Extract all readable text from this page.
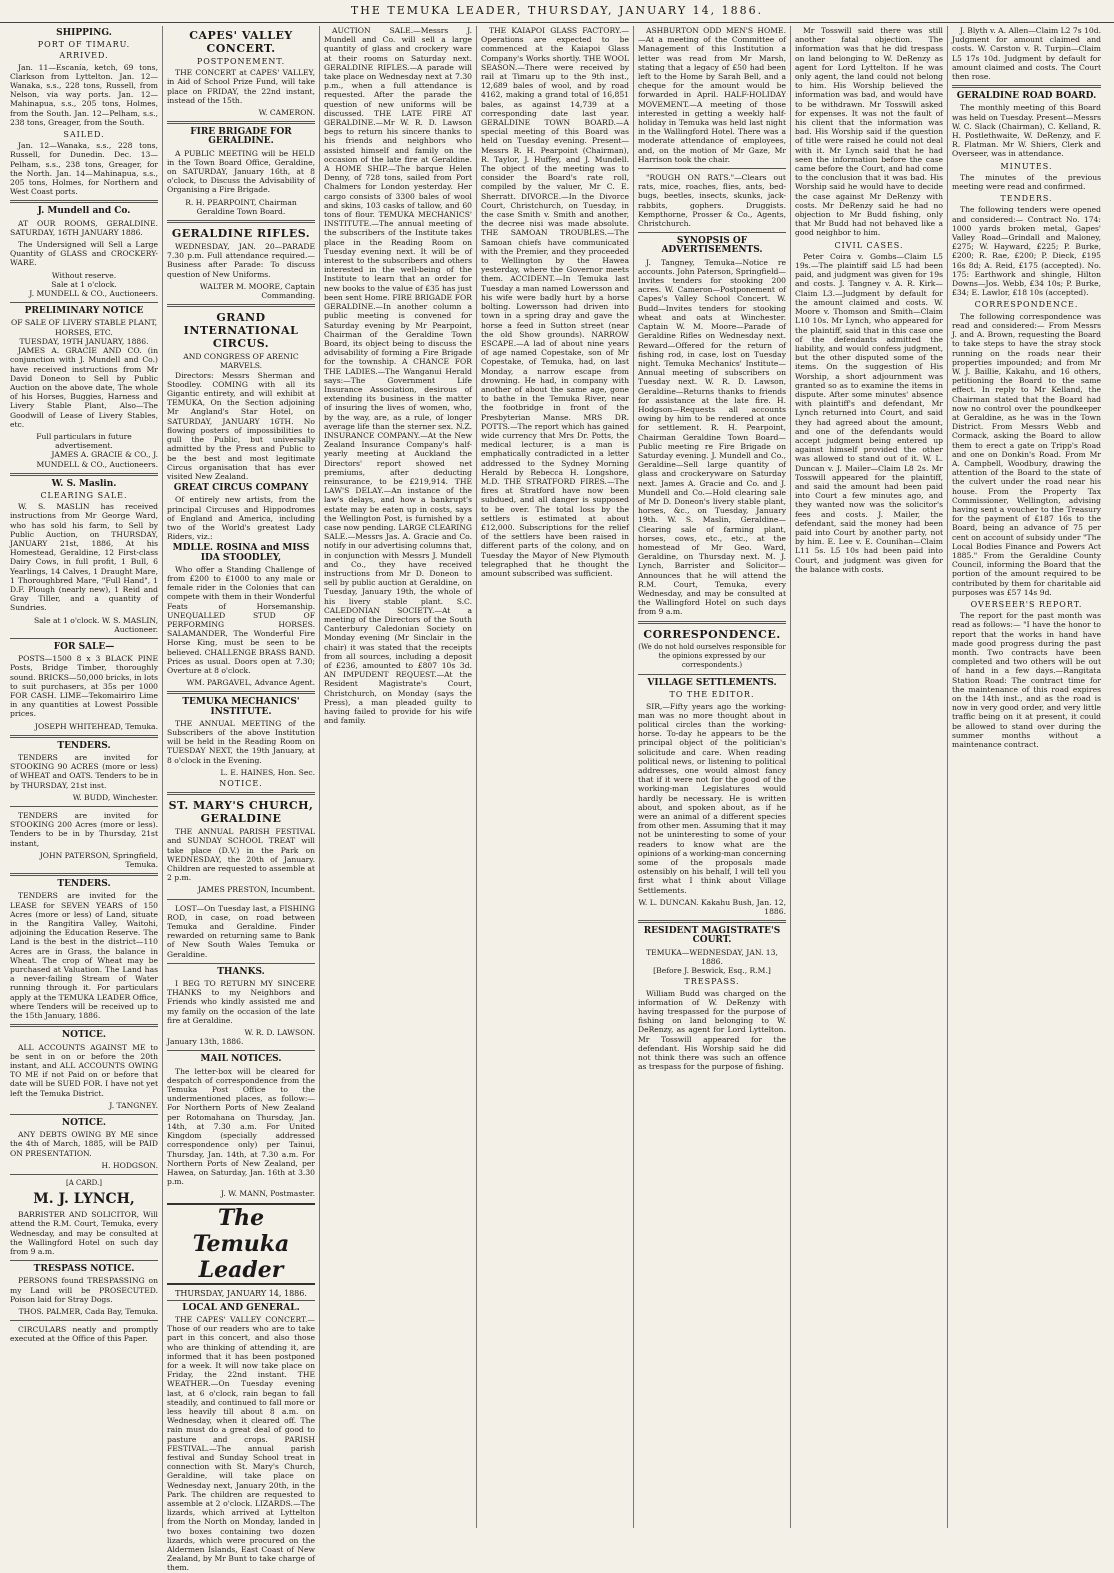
THE TEMUKA LEADER, THURSDAY, JANUARY 14, 1886.
SHIPPING.
PORT OF TIMARU.
ARRIVED.

Jan. 11—Escanía, ketch, 69 tons, Clarkson from Lyttelton. Jan. 12—Wanaka, s.s., 228 tons, Russell, from Nelson, via way ports. Jan. 12—Mahinapua, s.s., 205 tons, Holmes, from the South. Jan. 12—Pelham, s.s., 238 tons, Greager, from the South.

SAILED.

Jan. 12—Wanaka, s.s., 228 tons, Russell, for Dunedin. Dec. 13—Pelham, s.s., 238 tons, Greager, for the North. Jan. 14—Mahinapua, s.s., 205 tons, Holmes, for Northern and West Coast ports.

J. Mundell and Co.

AT OUR ROOMS, GERALDINE. SATURDAY, 16TH JANUARY 1886.

The Undersigned will Sell a Large Quantity of GLASS and CROCKERY-WARE.

Without reserve.
Sale at 1 o'clock.
J. MUNDELL & CO., Auctioneers.
PRELIMINARY NOTICE
OF SALE OF LIVERY STABLE PLANT, HORSES, ETC.
TUESDAY, 19TH JANUARY, 1886.

JAMES A. GRACIE AND CO. (in conjunction with J. Mundell and Co.) have received instructions from Mr David Doneon to Sell by Public Auction on the above date, The whole of his Horses, Buggies, Harness and Livery Stable Plant, Also—The Goodwill of Lease of Livery Stables, etc.

Full particulars in future advertisement.
JAMES A. GRACIE & CO., J. MUNDELL & CO., Auctioneers.
W. S. Maslin.
CLEARING SALE.

W. S. MASLIN has received instructions from Mr George Ward, who has sold his farm, to Sell by Public Auction, on THURSDAY, JANUARY 21st, 1886, At his Homestead, Geraldine, 12 First-class Dairy Cows, in full profit, 1 Bull, 6 Yearlings, 14 Calves, 1 Draught Mare, 1 Thoroughbred Mare, "Full Hand", 1 D.F. Plough (nearly new), 1 Reid and Gray Tiller, and a quantity of Sundries.

Sale at 1 o'clock. W. S. MASLIN, Auctioneer.
FOR SALE—

POSTS—1500 8 x 3 BLACK PINE Posts, Bridge Timber, thoroughly sound. BRICKS—50,000 bricks, in lots to suit purchasers, at 35s per 1000 FOR CASH. LIME—Tekomairiro Lime in any quantities at Lowest Possible prices.

JOSEPH WHITEHEAD, Temuka.
TENDERS.

TENDERS are invited for STOOKING 90 ACRES (more or less) of WHEAT and OATS. Tenders to be in by THURSDAY, 21st inst.

W. BUDD, Winchester.

TENDERS are invited for STOOKING 200 Acres (more or less). Tenders to be in by Thursday, 21st instant,

JOHN PATERSON, Springfield, Temuka.
TENDERS.

TENDERS are invited for the LEASE for SEVEN YEARS of 150 Acres (more or less) of Land, situate in the Rangitira Valley, Waitohi, adjoining the Education Reserve. The Land is the best in the district—110 Acres are in Grass, the balance in Wheat. The crop of Wheat may be purchased at Valuation. The Land has a never-failing Stream of Water running through it. For particulars apply at the TEMUKA LEADER Office, where Tenders will be received up to the 15th January, 1886.

NOTICE.

ALL ACCOUNTS AGAINST ME to be sent in on or before the 20th instant, and ALL ACCOUNTS OWING TO ME if not Paid on or before that date will be SUED FOR. I have not yet left the Temuka District.

J. TANGNEY.
NOTICE.

ANY DEBTS OWING BY ME since the 4th of March, 1885, will be PAID ON PRESENTATION.

H. HODGSON.
[A CARD.]
M. J. LYNCH,

BARRISTER AND SOLICITOR, Will attend the R.M. Court, Temuka, every Wednesday, and may be consulted at the Wallingford Hotel on such day from 9 a.m.

TRESPASS NOTICE.

PERSONS found TRESPASSING on my Land will be PROSECUTED. Poison laid for Stray Dogs.

THOS. PALMER, Cada Bay, Temuka.

CIRCULARS neatly and promptly executed at the Office of this Paper.

CAPES' VALLEY CONCERT.
POSTPONEMENT.

THE CONCERT at CAPES' VALLEY, in Aid of School Prize Fund, will take place on FRIDAY, the 22nd instant, instead of the 15th.

W. CAMERON.
FIRE BRIGADE FOR GERALDINE.

A PUBLIC MEETING will be HELD in the Town Board Office, Geraldine, on SATURDAY, January 16th, at 8 o'clock, to Discuss the Advisability of Organising a Fire Brigade.

R. H. PEARPOINT, Chairman Geraldine Town Board.
GERALDINE RIFLES.

WEDNESDAY, JAN. 20—PARADE 7.30 p.m. Full attendance required.—Business after Parade: To discuss question of New Uniforms.

WALTER M. MOORE, Captain Commanding.
GRAND INTERNATIONAL CIRCUS.
AND CONGRESS OF ARENIC MARVELS.

Directors: Messrs Sherman and Stoodley. COMING with all its Gigantic entirety, and will exhibit at TEMUKA, On the Section adjoining Mr Angland's Star Hotel, on SATURDAY, JANUARY 16TH. No flowing posters of impossibilities to gull the Public, but universally admitted by the Press and Public to be the best and most legitimate Circus organisation that has ever visited New Zealand.

GREAT CIRCUS COMPANY

Of entirely new artists, from the principal Circuses and Hippodromes of England and America, including two of the World's greatest Lady Riders, viz.:

MDLLE. ROSINA and MISS IDA STOODLEY,

Who offer a Standing Challenge of from £200 to £1000 to any male or female rider in the Colonies that can compete with them in their Wonderful Feats of Horsemanship. UNEQUALLED STUD OF PERFORMING HORSES. SALAMANDER, The Wonderful Fire Horse King, must be seen to be believed. CHALLENGE BRASS BAND. Prices as usual. Doors open at 7.30; Overture at 8 o'clock.

WM. PARGAVEL, Advance Agent.
TEMUKA MECHANICS' INSTITUTE.

THE ANNUAL MEETING of the Subscribers of the above Institution will be held in the Reading Room on TUESDAY NEXT, the 19th January, at 8 o'clock in the Evening.

L. E. HAINES, Hon. Sec.
NOTICE.
ST. MARY'S CHURCH, GERALDINE

THE ANNUAL PARISH FESTIVAL and SUNDAY SCHOOL TREAT will take place (D.V.) in the Park on WEDNESDAY, the 20th of January. Children are requested to assemble at 2 p.m.

JAMES PRESTON, Incumbent.

LOST—On Tuesday last, a FISHING ROD, in case, on road between Temuka and Geraldine. Finder rewarded on returning same to Bank of New South Wales Temuka or Geraldine.

THANKS.

I BEG TO RETURN MY SINCERE THANKS to my Neighbors and Friends who kindly assisted me and my family on the occasion of the late fire at Geraldine.

W. R. D. LAWSON.
January 13th, 1886.
MAIL NOTICES.

The letter-box will be cleared for despatch of correspondence from the Temuka Post Office to the undermentioned places, as follow:— For Northern Ports of New Zealand per Rotomahana on Thursday, Jan. 14th, at 7.30 a.m. For United Kingdom (specially addressed correspondence only) per Tainui, Thursday, Jan. 14th, at 7.30 a.m. For Northern Ports of New Zealand, per Hawea, on Saturday, Jan. 16th at 3.30 p.m.

J. W. MANN, Postmaster.
The Temuka Leader
THURSDAY, JANUARY 14, 1886.
LOCAL AND GENERAL.

THE CAPES' VALLEY CONCERT.—Those of our readers who are to take part in this concert, and also those who are thinking of attending it, are informed that it has been postponed for a week. It will now take place on Friday, the 22nd instant. THE WEATHER.—On Tuesday evening last, at 6 o'clock, rain began to fall steadily, and continued to fall more or less heavily till about 8 a.m. on Wednesday, when it cleared off. The rain must do a great deal of good to pasture and crops. PARISH FESTIVAL.—The annual parish festival and Sunday School treat in connection with St. Mary's Church, Geraldine, will take place on Wednesday next, January 20th, in the Park. The children are requested to assemble at 2 o'clock. LIZARDS.—The lizards, which arrived at Lyttelton from the North on Monday, landed in two boxes containing two dozen lizards, which were procured on the Aldermen Islands, East Coast of New Zealand, by Mr Bunt to take charge of them.

AUCTION SALE.—Messrs J. Mundell and Co. will sell a large quantity of glass and crockery ware at their rooms on Saturday next. GERALDINE RIFLES.—A parade will take place on Wednesday next at 7.30 p.m., when a full attendance is requested. After the parade the question of new uniforms will be discussed. THE LATE FIRE AT GERALDINE.—Mr W. R. D. Lawson begs to return his sincere thanks to his friends and neighbors who assisted himself and family on the occasion of the late fire at Geraldine. A HOME SHIP.—The barque Helen Denny, of 728 tons, sailed from Port Chalmers for London yesterday. Her cargo consists of 3300 bales of wool and skins, 103 casks of tallow, and 60 tons of flour. TEMUKA MECHANICS' INSTITUTE.—The annual meeting of the subscribers of the Institute takes place in the Reading Room on Tuesday evening next. It will be of interest to the subscribers and others interested in the well-being of the Institute to learn that an order for new books to the value of £35 has just been sent Home. FIRE BRIGADE FOR GERALDINE.—In another column a public meeting is convened for Saturday evening by Mr Pearpoint, Chairman of the Geraldine Town Board, its object being to discuss the advisability of forming a Fire Brigade for the township. A CHANCE FOR THE LADIES.—The Wanganui Herald says:—The Government Life Insurance Association, desirous of extending its business in the matter of insuring the lives of women, who, by the way, are, as a rule, of longer average life than the sterner sex. N.Z. INSURANCE COMPANY.—At the New Zealand Insurance Company's half-yearly meeting at Auckland the Directors' report showed net premiums, after deducting reinsurance, to be £219,914. THE LAW'S DELAY.—An instance of the law's delays, and how a bankrupt's estate may be eaten up in costs, says the Wellington Post, is furnished by a case now pending. LARGE CLEARING SALE.—Messrs Jas. A. Gracie and Co. notify in our advertising columns that, in conjunction with Messrs J. Mundell and Co., they have received instructions from Mr D. Doneon to sell by public auction at Geraldine, on Tuesday, January 19th, the whole of his livery stable plant. S.C. CALEDONIAN SOCIETY.—At a meeting of the Directors of the South Canterbury Caledonian Society on Monday evening (Mr Sinclair in the chair) it was stated that the receipts from all sources, including a deposit of £236, amounted to £807 10s 3d. AN IMPUDENT REQUEST.—At the Resident Magistrate's Court, Christchurch, on Monday (says the Press), a man pleaded guilty to having failed to provide for his wife and family.

THE KAIAPOI GLASS FACTORY.—Operations are expected to be commenced at the Kaiapoi Glass Company's Works shortly. THE WOOL SEASON.—There were received by rail at Timaru up to the 9th inst., 12,689 bales of wool, and by road 4162, making a grand total of 16,851 bales, as against 14,739 at a corresponding date last year. GERALDINE TOWN BOARD.—A special meeting of this Board was held on Tuesday evening. Present—Messrs R. H. Pearpoint (Chairman), R. Taylor, J. Huffey, and J. Mundell. The object of the meeting was to consider the Board's rate roll, compiled by the valuer, Mr C. E. Sherratt. DIVORCE.—In the Divorce Court, Christchurch, on Tuesday, in the case Smith v. Smith and another, the decree nisi was made absolute. THE SAMOAN TROUBLES.—The Samoan chiefs have communicated with the Premier, and they proceeded to Wellington by the Hawea yesterday, where the Governor meets them. ACCIDENT.—In Temuka last Tuesday a man named Lowersson and his wife were badly hurt by a horse bolting. Lowersson had driven into town in a spring dray and gave the horse a feed in Sutton street (near the old Show grounds). NARROW ESCAPE.—A lad of about nine years of age named Copestake, son of Mr Copestake, of Temuka, had, on last Monday, a narrow escape from drowning. He had, in company with another of about the same age, gone to bathe in the Temuka River, near the footbridge in front of the Presbyterian Manse. MRS DR. POTTS.—The report which has gained wide currency that Mrs Dr. Potts, the medical lecturer, is a man is emphatically contradicted in a letter addressed to the Sydney Morning Herald by Rebecca H. Longshore, M.D. THE STRATFORD FIRES.—The fires at Stratford have now been subdued, and all danger is supposed to be over. The total loss by the settlers is estimated at about £12,000. Subscriptions for the relief of the settlers have been raised in different parts of the colony, and on Tuesday the Mayor of New Plymouth telegraphed that he thought the amount subscribed was sufficient.

ASHBURTON ODD MEN'S HOME.—At a meeting of the Committee of Management of this Institution a letter was read from Mr Marsh, stating that a legacy of £50 had been left to the Home by Sarah Bell, and a cheque for the amount would be forwarded in April. HALF-HOLIDAY MOVEMENT.—A meeting of those interested in getting a weekly half-holiday in Temuka was held last night in the Wallingford Hotel. There was a moderate attendance of employees, and, on the motion of Mr Gaze, Mr Harrison took the chair.

"ROUGH ON RATS."—Clears out rats, mice, roaches, flies, ants, bed-bugs, beetles, insects, skunks, jack-rabbits, gophers. Druggists. Kempthorne, Prosser & Co., Agents, Christchurch.

SYNOPSIS OF ADVERTISEMENTS.

J. Tangney, Temuka—Notice re accounts. John Paterson, Springfield—Invites tenders for stooking 200 acres. W. Cameron—Postponement of Capes's Valley School Concert. W. Budd—Invites tenders for stooking wheat and oats at Winchester. Captain W. M. Moore—Parade of Geraldine Rifles on Wednesday next. Reward—Offered for the return of fishing rod, in case, lost on Tuesday night. Temuka Mechanics' Institute—Annual meeting of subscribers on Tuesday next. W. R. D. Lawson, Geraldine—Returns thanks to friends for assistance at the late fire. H. Hodgson—Requests all accounts owing by him to be rendered at once for settlement. R. H. Pearpoint, Chairman Geraldine Town Board—Public meeting re Fire Brigade on Saturday evening. J. Mundell and Co., Geraldine—Sell large quantity of glass and crockeryware on Saturday next. James A. Gracie and Co. and J. Mundell and Co.—Hold clearing sale of Mr D. Doneon's livery stable plant, horses, &c., on Tuesday, January 19th. W. S. Maslin, Geraldine—Clearing sale of farming plant, horses, cows, etc., etc., at the homestead of Mr Geo. Ward, Geraldine, on Thursday next. M. J. Lynch, Barrister and Solicitor—Announces that he will attend the R.M. Court, Temuka, every Wednesday, and may be consulted at the Wallingford Hotel on such days from 9 a.m.

CORRESPONDENCE.
(We do not hold ourselves responsible for the opinions expressed by our correspondents.)
VILLAGE SETTLEMENTS.
TO THE EDITOR.

SIR,—Fifty years ago the working-man was no more thought about in political circles than the working-horse. To-day he appears to be the principal object of the politician's solicitude and care. When reading political news, or listening to political addresses, one would almost fancy that if it were not for the good of the working-man Legislatures would hardly be necessary. He is written about, and spoken about, as if he were an animal of a different species from other men. Assuming that it may not be uninteresting to some of your readers to know what are the opinions of a working-man concerning some of the proposals made ostensibly on his behalf, I will tell you first what I think about Village Settlements.

W. L. DUNCAN. Kakahu Bush, Jan. 12, 1886.
RESIDENT MAGISTRATE'S COURT.
TEMUKA—WEDNESDAY, JAN. 13, 1886.
[Before J. Beswick, Esq., R.M.]
TRESPASS.

William Budd was charged on the information of W. DeRenzy with having trespassed for the purpose of fishing on land belonging to W. DeRenzy, as agent for Lord Lyttelton. Mr Tosswill appeared for the defendant. His Worship said he did not think there was such an offence as trespass for the purpose of fishing.

Mr Tosswill said there was still another fatal objection. The information was that he did trespass on land belonging to W. DeRenzy as agent for Lord Lyttelton. If he was only agent, the land could not belong to him. His Worship believed the information was bad, and would have to be withdrawn. Mr Tosswill asked for expenses. It was not the fault of his client that the information was bad. His Worship said if the question of title were raised he could not deal with it. Mr Lynch said that he had seen the information before the case came before the Court, and had come to the conclusion that it was bad. His Worship said he would have to decide the case against Mr DeRenzy with costs. Mr DeRenzy said he had no objection to Mr Budd fishing, only that Mr Budd had not behaved like a good neighbor to him.

CIVIL CASES.

Peter Coira v. Gombs—Claim L5 19s.—The plaintiff said L5 had been paid, and judgment was given for 19s and costs. J. Tangney v. A. R. Kirk—Claim L3.—Judgment by default for the amount claimed and costs. W. Moore v. Thomson and Smith—Claim L10 10s. Mr Lynch, who appeared for the plaintiff, said that in this case one of the defendants admitted the liability, and would confess judgment, but the other disputed some of the items. On the suggestion of His Worship, a short adjournment was granted so as to examine the items in dispute. After some minutes' absence with plaintiff's and defendant, Mr Lynch returned into Court, and said they had agreed about the amount, and one of the defendants would accept judgment being entered up against himself provided the other was allowed to stand out of it. W. L. Duncan v. J. Mailer—Claim L8 2s. Mr Tosswill appeared for the plaintiff, and said the amount had been paid into Court a few minutes ago, and they wanted now was the solicitor's fees and costs. J. Mailer, the defendant, said the money had been paid into Court by another party, not by him. E. Lee v. E. Counihan—Claim L11 5s. L5 10s had been paid into Court, and judgment was given for the balance with costs.

J. Blyth v. A. Allen—Claim L2 7s 10d. Judgment for amount claimed and costs. W. Carston v. R. Turpin—Claim L5 17s 10d. Judgment by default for amount claimed and costs. The Court then rose.

GERALDINE ROAD BOARD.

The monthly meeting of this Board was held on Tuesday. Present—Messrs W. C. Slack (Chairman), C. Kelland, R. H. Postlethwaite, W. DeRenzy, and F. R. Flatman. Mr W. Shiers, Clerk and Overseer, was in attendance.

MINUTES.

The minutes of the previous meeting were read and confirmed.

TENDERS.

The following tenders were opened and considered:— Contract No. 174: 1000 yards broken metal, Gapes' Valley Road—Grindall and Maloney, £275; W. Hayward, £225; P. Burke, £200; R. Rae, £200; P. Dieck, £195 16s 8d; A. Reid, £175 (accepted). No. 175: Earthwork and shingle, Hilton Downs—Jos. Webb, £34 10s; P. Burke, £34; E. Lawlor, £18 10s (accepted).

CORRESPONDENCE.

The following correspondence was read and considered:— From Messrs J. and A. Brown, requesting the Board to take steps to have the stray stock running on the roads near their properties impounded; and from Mr W. J. Baillie, Kakahu, and 16 others, petitioning the Board to the same effect. In reply to Mr Kelland, the Chairman stated that the Board had now no control over the poundkeeper at Geraldine, as he was in the Town District. From Messrs Webb and Cormack, asking the Board to allow them to erect a gate on Tripp's Road and one on Donkin's Road. From Mr A. Campbell, Woodbury, drawing the attention of the Board to the state of the culvert under the road near his house. From the Property Tax Commissioner, Wellington, advising having sent a voucher to the Treasury for the payment of £187 16s to the Board, being an advance of 75 per cent on account of subsidy under "The Local Bodies Finance and Powers Act 1885." From the Geraldine County Council, informing the Board that the portion of the amount required to be contributed by them for charitable aid purposes was £57 14s 9d.

OVERSEER'S REPORT.

The report for the past month was read as follows:— "I have the honor to report that the works in hand have made good progress during the past month. Two contracts have been completed and two others will be out of hand in a few days.—Rangitata Station Road: The contract time for the maintenance of this road expires on the 14th inst., and as the road is now in very good order, and very little traffic being on it at present, it could be allowed to stand over during the summer months without a maintenance contract.
